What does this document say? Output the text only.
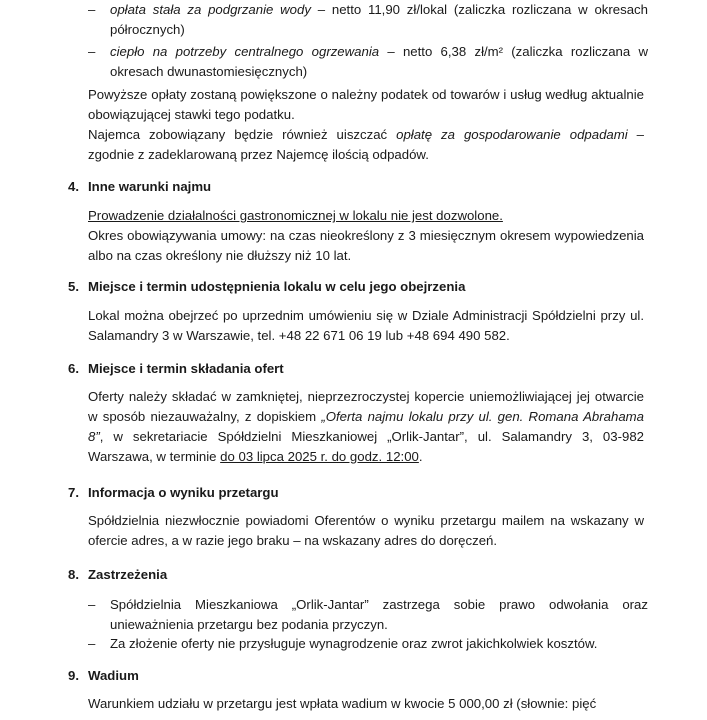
– opłata stała za podgrzanie wody – netto 11,90 zł/lokal (zaliczka rozliczana w okresach półrocznych)
– ciepło na potrzeby centralnego ogrzewania – netto 6,38 zł/m² (zaliczka rozliczana w okresach dwunastomiesięcznych)

Powyższe opłaty zostaną powiększone o należny podatek od towarów i usług według aktualnie obowiązującej stawki tego podatku.

Najemca zobowiązany będzie również uiszczać opłatę za gospodarowanie odpadami – zgodnie z zadeklarowaną przez Najemcę ilością odpadów.

4. Inne warunki najmu

Prowadzenie działalności gastronomicznej w lokalu nie jest dozwolone.

Okres obowiązywania umowy: na czas nieokreślony z 3 miesięcznym okresem wypowiedzenia albo na czas określony nie dłuższy niż 10 lat.

5. Miejsce i termin udostępnienia lokalu w celu jego obejrzenia

Lokal można obejrzeć po uprzednim umówieniu się w Dziale Administracji Spółdzielni przy ul. Salamandry 3 w Warszawie, tel. +48 22 671 06 19 lub +48 694 490 582.

6. Miejsce i termin składania ofert

Oferty należy składać w zamkniętej, nieprzezroczystej kopercie uniemożliwiającej jej otwarcie w sposób niezauważalny, z dopiskiem „Oferta najmu lokalu przy ul. gen. Romana Abrahama 8”, w sekretariacie Spółdzielni Mieszkaniowej „Orlik-Jantar”, ul. Salamandry 3, 03-982 Warszawa, w terminie do 03 lipca 2025 r. do godz. 12:00.

7. Informacja o wyniku przetargu

Spółdzielnia niezwłocznie powiadomi Oferentów o wyniku przetargu mailem na wskazany w ofercie adres, a w razie jego braku – na wskazany adres do doręczeń.

8. Zastrzeżenia
– Spółdzielnia Mieszkaniowa „Orlik-Jantar” zastrzega sobie prawo odwołania oraz unieważnienia przetargu bez podania przyczyn.
– Za złożenie oferty nie przysługuje wynagrodzenie oraz zwrot jakichkolwiek kosztów.
9. Wadium

Warunkiem udziału w przetargu jest wpłata wadium w kwocie 5 000,00 zł (słownie: pięć
